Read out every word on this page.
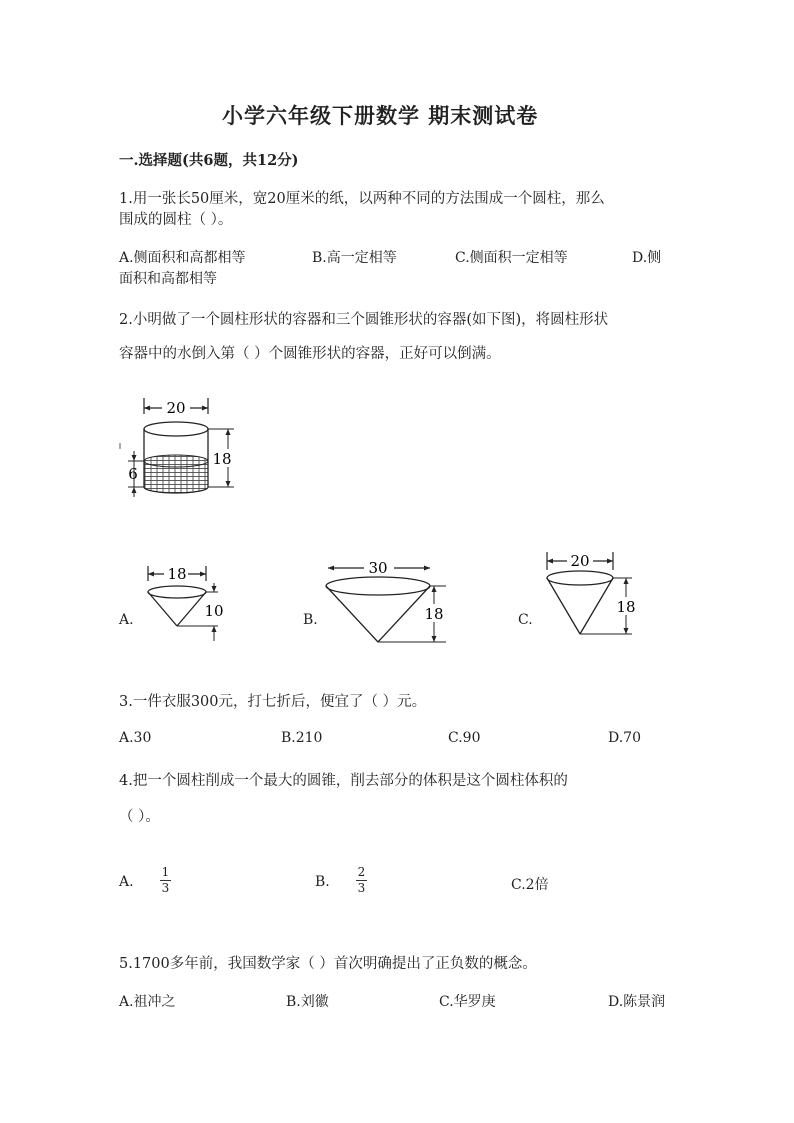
小学六年级下册数学 期末测试卷
一.选择题(共6题，共12分)
1.用一张长50厘米，宽20厘米的纸，以两种不同的方法围成一个圆柱，那么
围成的圆柱（ ）。
A.侧面积和高都相等	B.高一定相等	C.侧面积一定相等	D.侧
面积和高都相等
2.小明做了一个圆柱形状的容器和三个圆锥形状的容器(如下图)，将圆柱形状
容器中的水倒入第（ ）个圆锥形状的容器，正好可以倒满。
20
18
6
A.
18
10	B.
30
18	C.
20
18
3.一件衣服300元，打七折后，便宜了（ ）元。
A.30	B.210	C.90	D.70
4.把一个圆柱削成一个最大的圆锥，削去部分的体积是这个圆柱体积的
（ ）。
A.
1
3	B.
2
3	C.2倍
5.1700多年前，我国数学家（ ）首次明确提出了正负数的概念。
A.祖冲之	B.刘徽	C.华罗庚	D.陈景润
